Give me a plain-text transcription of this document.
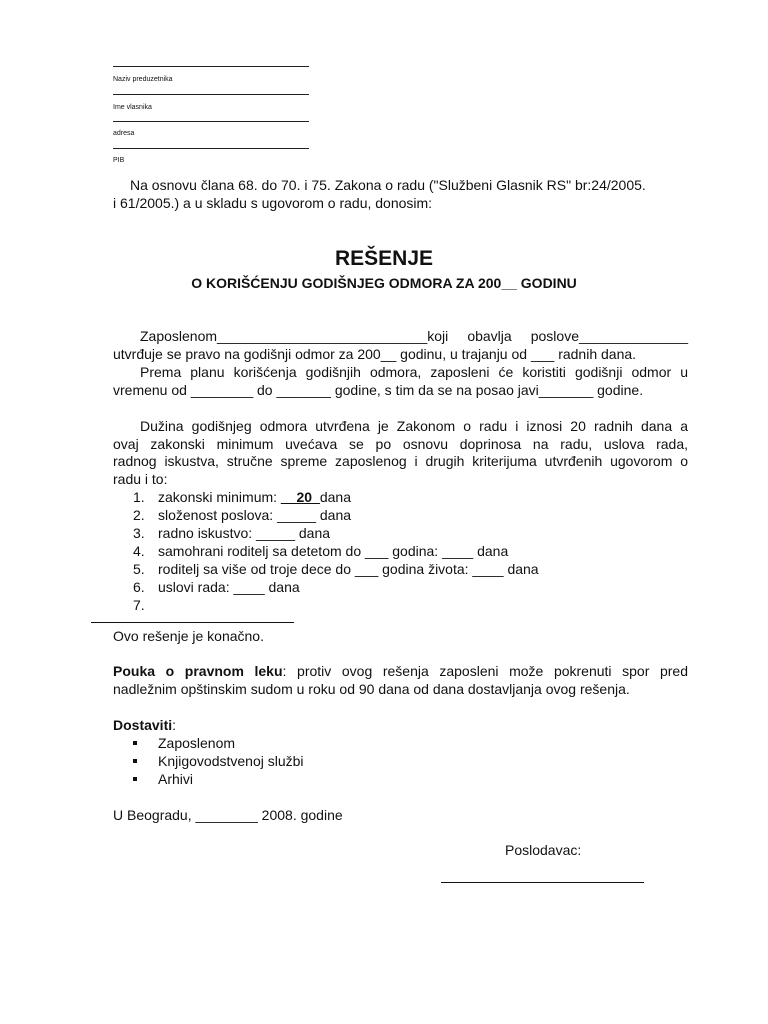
Naziv preduzetnika
Ime vlasnika
adresa
PIB
Na osnovu člana 68. do 70. i 75. Zakona o radu ("Službeni Glasnik RS" br:24/2005.
i 61/2005.) a u skladu s ugovorom o radu, donosim:
REŠENJE
O KORIŠĆENJU GODIŠNJEG ODMORA ZA 200__ GODINU
Zaposlenom___________________________koji obavlja poslove______________
utvrđuje se pravo na godišnji odmor za 200__ godinu, u trajanju od ___ radnih dana.
Prema planu korišćenja godišnjih odmora, zaposleni će koristiti godišnji odmor u
vremenu od ________ do _______ godine, s tim da se na posao javi_______ godine.
Dužina godišnjeg odmora utvrđena je Zakonom o radu i iznosi 20 radnih dana a
ovaj zakonski minimum uvećava se po osnovu doprinosa na radu, uslova rada,
radnog iskustva, stručne spreme zaposlenog i drugih kriterijuma utvrđenih ugovorom o
radu i to:
1. zakonski minimum: __20_dana
2. složenost poslova: _____ dana
3. radno iskustvo: _____ dana
4. samohrani roditelj sa detetom do ___ godina: ____ dana
5. roditelj sa više od troje dece do ___ godina života: ____ dana
6. uslovi rada: ____ dana
7.
Ovo rešenje je konačno.
Pouka o pravnom leku: protiv ovog rešenja zaposleni može pokrenuti spor pred
nadležnim opštinskim sudom u roku od 90 dana od dana dostavljanja ovog rešenja.
Dostaviti:
Zaposlenom
Knjigovodstvenoj službi
Arhivi
U Beogradu, ________ 2008. godine
Poslodavac:
